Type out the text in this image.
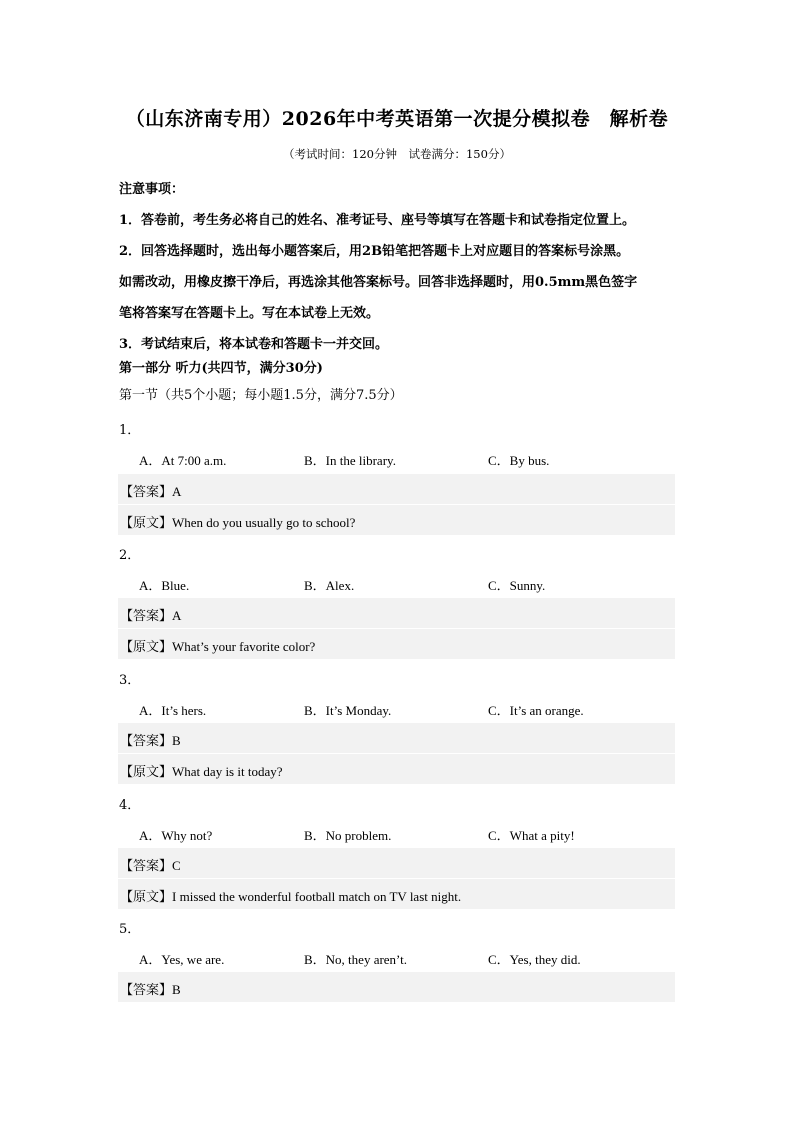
（山东济南专用）2026年中考英语第一次提分模拟卷　解析卷
（考试时间：120分钟　试卷满分：150分）
注意事项：
1．答卷前，考生务必将自己的姓名、准考证号、座号等填写在答题卡和试卷指定位置上。
2．回答选择题时，选出每小题答案后，用2B铅笔把答题卡上对应题目的答案标号涂黑。
如需改动，用橡皮擦干净后，再选涂其他答案标号。回答非选择题时，用0.5mm黑色签字
笔将答案写在答题卡上。写在本试卷上无效。
3．考试结束后，将本试卷和答题卡一并交回。
第一部分 听力(共四节，满分30分)
第一节（共5个小题；每小题1.5分，满分7.5分）
1．
A．At 7:00 a.m.	B．In the library.	C．By bus.
【答案】A
【原文】When do you usually go to school?
2．
A．Blue.	B．Alex.	C．Sunny.
【答案】A
【原文】What’s your favorite color?
3．
A．It’s hers.	B．It’s Monday.	C．It’s an orange.
【答案】B
【原文】What day is it today?
4．
A．Why not?	B．No problem.	C．What a pity!
【答案】C
【原文】I missed the wonderful football match on TV last night.
5．
A．Yes, we are.	B．No, they aren’t.	C．Yes, they did.
【答案】B
